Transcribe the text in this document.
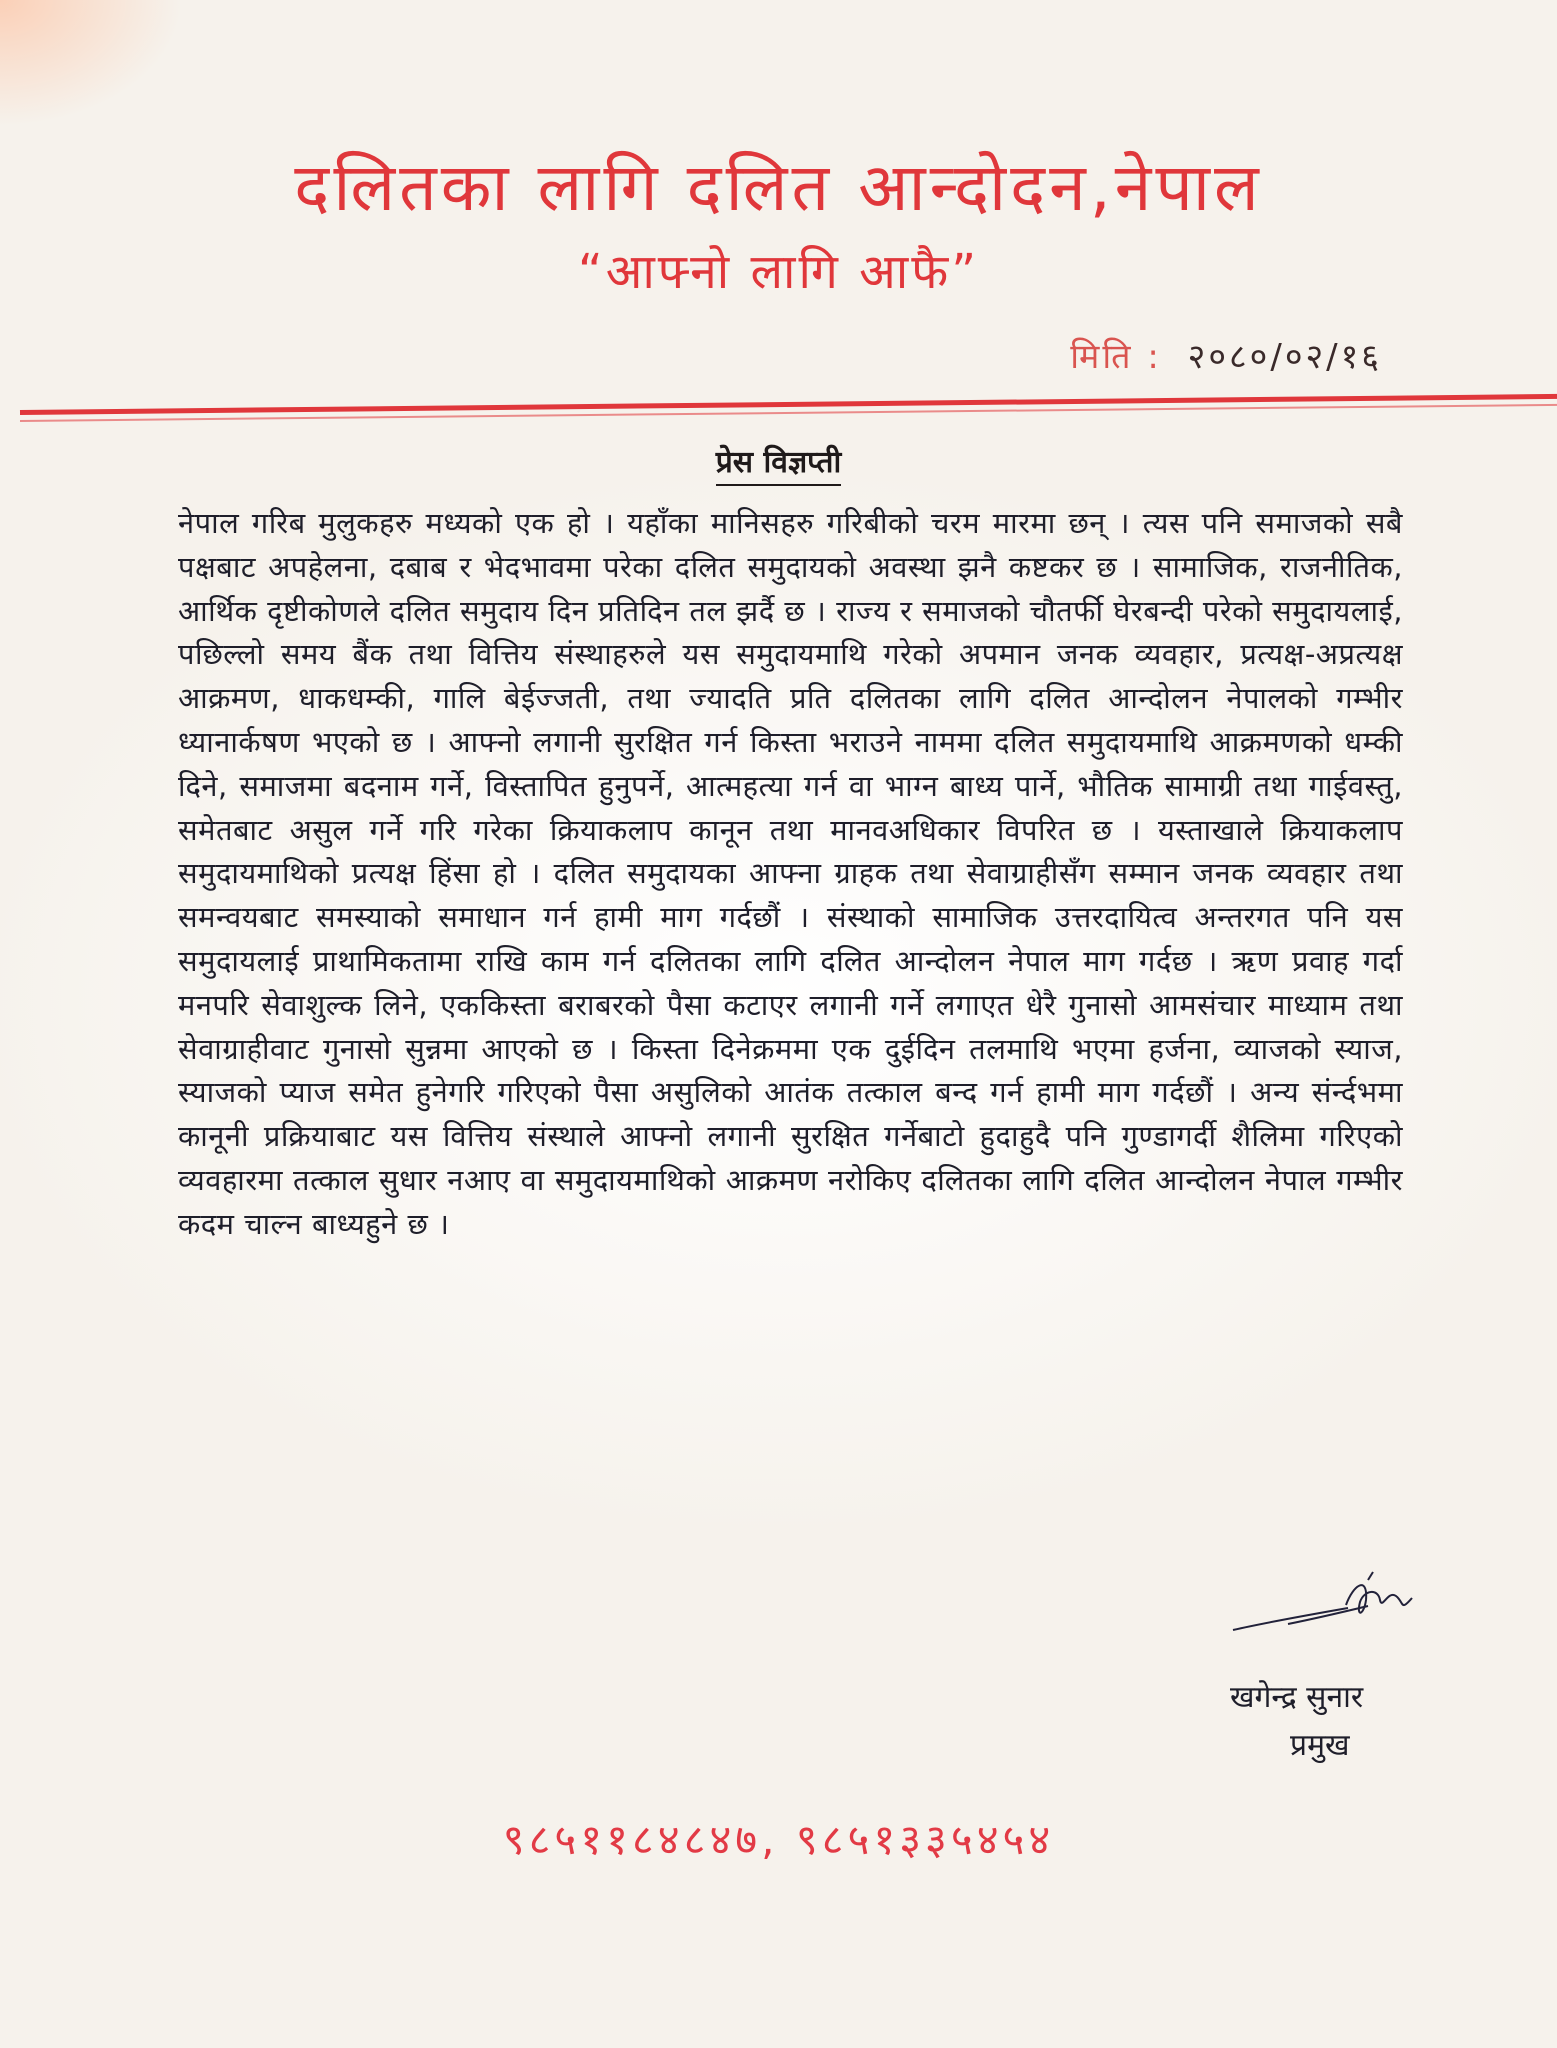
दलितका लागि दलित आन्दोदन,नेपाल
“आफ्नो लागि आफै”
मिति : २०८०/०२/१६
प्रेस विज्ञप्ती
नेपाल गरिब मुलुकहरु मध्यको एक हो । यहाँका मानिसहरु गरिबीको चरम मारमा छन् । त्यस पनि समाजको सबै पक्षबाट अपहेलना, दबाब र भेदभावमा परेका दलित समुदायको अवस्था झनै कष्टकर छ । सामाजिक, राजनीतिक, आर्थिक दृष्टीकोणले दलित समुदाय दिन प्रतिदिन तल झर्दै छ । राज्य र समाजको चौतर्फी घेरबन्दी परेको समुदायलाई, पछिल्लो समय बैंक तथा वित्तिय संस्थाहरुले यस समुदायमाथि गरेको अपमान जनक व्यवहार, प्रत्यक्ष-अप्रत्यक्ष आक्रमण, धाकधम्की, गालि बेईज्जती, तथा ज्यादति प्रति दलितका लागि दलित आन्दोलन नेपालको गम्भीर ध्यानार्कषण भएको छ । आफ्नो लगानी सुरक्षित गर्न किस्ता भराउने नाममा दलित समुदायमाथि आक्रमणको धम्की दिने, समाजमा बदनाम गर्ने, विस्तापित हुनुपर्ने, आत्महत्या गर्न वा भाग्न बाध्य पार्ने, भौतिक सामाग्री तथा गाईवस्तु, समेतबाट असुल गर्ने गरि गरेका क्रियाकलाप कानून तथा मानवअधिकार विपरित छ । यस्ताखाले क्रियाकलाप समुदायमाथिको प्रत्यक्ष हिंसा हो । दलित समुदायका आफ्ना ग्राहक तथा सेवाग्राहीसँग सम्मान जनक व्यवहार तथा समन्वयबाट समस्याको समाधान गर्न हामी माग गर्दछौं । संस्थाको सामाजिक उत्तरदायित्व अन्तरगत पनि यस समुदायलाई प्राथामिकतामा राखि काम गर्न दलितका लागि दलित आन्दोलन नेपाल माग गर्दछ । ऋण प्रवाह गर्दा मनपरि सेवाशुल्क लिने, एककिस्ता बराबरको पैसा कटाएर लगानी गर्ने लगाएत धेरै गुनासो आमसंचार माध्याम तथा सेवाग्राहीवाट गुनासो सुन्नमा आएको छ । किस्ता दिनेक्रममा एक दुईदिन तलमाथि भएमा हर्जना, व्याजको स्याज, स्याजको प्याज समेत हुनेगरि गरिएको पैसा असुलिको आतंक तत्काल बन्द गर्न हामी माग गर्दछौं । अन्य संर्न्दभमा कानूनी प्रक्रियाबाट यस वित्तिय संस्थाले आफ्नो लगानी सुरक्षित गर्नेबाटो हुदाहुदै पनि गुण्डागर्दी शैलिमा गरिएको व्यवहारमा तत्काल सुधार नआए वा समुदायमाथिको आक्रमण नरोकिए दलितका लागि दलित आन्दोलन नेपाल गम्भीर कदम चाल्न बाध्यहुने छ ।
खगेन्द्र सुनार
प्रमुख
९८५११८४८४७, ९८५१३३५४५४
